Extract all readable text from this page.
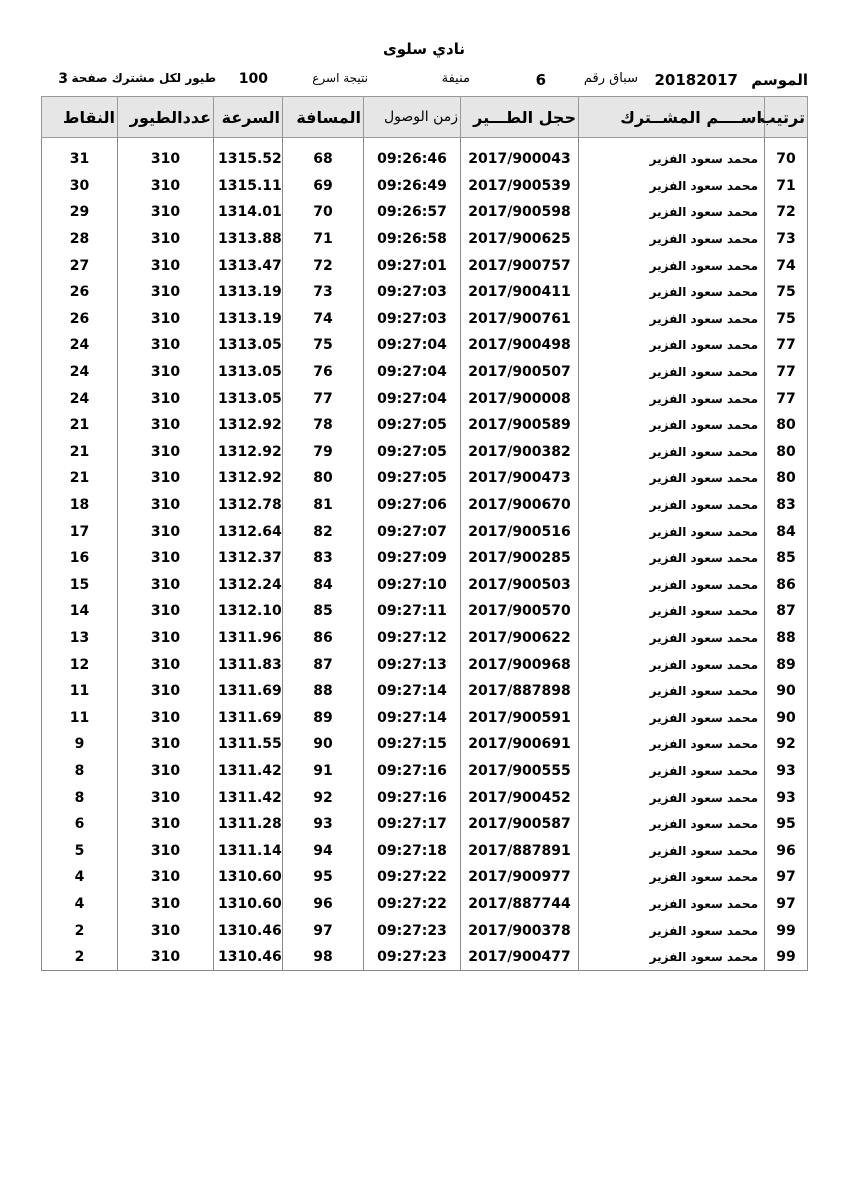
نادي سلوى
الموسم
20182017
سباق رقم
6
منيفة
نتيجة اسرع
100
طيور لكل مشترك صفحة
3
ترتيب	اســــم المشــترك	حجل الطـــير	زمن الوصول	المسافة	السرعة	عددالطيور	النقاط

70	محمد سعود الفزير	2017/900043	09:26:46	68	1315.52	310	31
71	محمد سعود الفزير	2017/900539	09:26:49	69	1315.11	310	30
72	محمد سعود الفزير	2017/900598	09:26:57	70	1314.01	310	29
73	محمد سعود الفزير	2017/900625	09:26:58	71	1313.88	310	28
74	محمد سعود الفزير	2017/900757	09:27:01	72	1313.47	310	27
75	محمد سعود الفزير	2017/900411	09:27:03	73	1313.19	310	26
75	محمد سعود الفزير	2017/900761	09:27:03	74	1313.19	310	26
77	محمد سعود الفزير	2017/900498	09:27:04	75	1313.05	310	24
77	محمد سعود الفزير	2017/900507	09:27:04	76	1313.05	310	24
77	محمد سعود الفزير	2017/900008	09:27:04	77	1313.05	310	24
80	محمد سعود الفزير	2017/900589	09:27:05	78	1312.92	310	21
80	محمد سعود الفزير	2017/900382	09:27:05	79	1312.92	310	21
80	محمد سعود الفزير	2017/900473	09:27:05	80	1312.92	310	21
83	محمد سعود الفزير	2017/900670	09:27:06	81	1312.78	310	18
84	محمد سعود الفزير	2017/900516	09:27:07	82	1312.64	310	17
85	محمد سعود الفزير	2017/900285	09:27:09	83	1312.37	310	16
86	محمد سعود الفزير	2017/900503	09:27:10	84	1312.24	310	15
87	محمد سعود الفزير	2017/900570	09:27:11	85	1312.10	310	14
88	محمد سعود الفزير	2017/900622	09:27:12	86	1311.96	310	13
89	محمد سعود الفزير	2017/900968	09:27:13	87	1311.83	310	12
90	محمد سعود الفزير	2017/887898	09:27:14	88	1311.69	310	11
90	محمد سعود الفزير	2017/900591	09:27:14	89	1311.69	310	11
92	محمد سعود الفزير	2017/900691	09:27:15	90	1311.55	310	9
93	محمد سعود الفزير	2017/900555	09:27:16	91	1311.42	310	8
93	محمد سعود الفزير	2017/900452	09:27:16	92	1311.42	310	8
95	محمد سعود الفزير	2017/900587	09:27:17	93	1311.28	310	6
96	محمد سعود الفزير	2017/887891	09:27:18	94	1311.14	310	5
97	محمد سعود الفزير	2017/900977	09:27:22	95	1310.60	310	4
97	محمد سعود الفزير	2017/887744	09:27:22	96	1310.60	310	4
99	محمد سعود الفزير	2017/900378	09:27:23	97	1310.46	310	2
99	محمد سعود الفزير	2017/900477	09:27:23	98	1310.46	310	2
